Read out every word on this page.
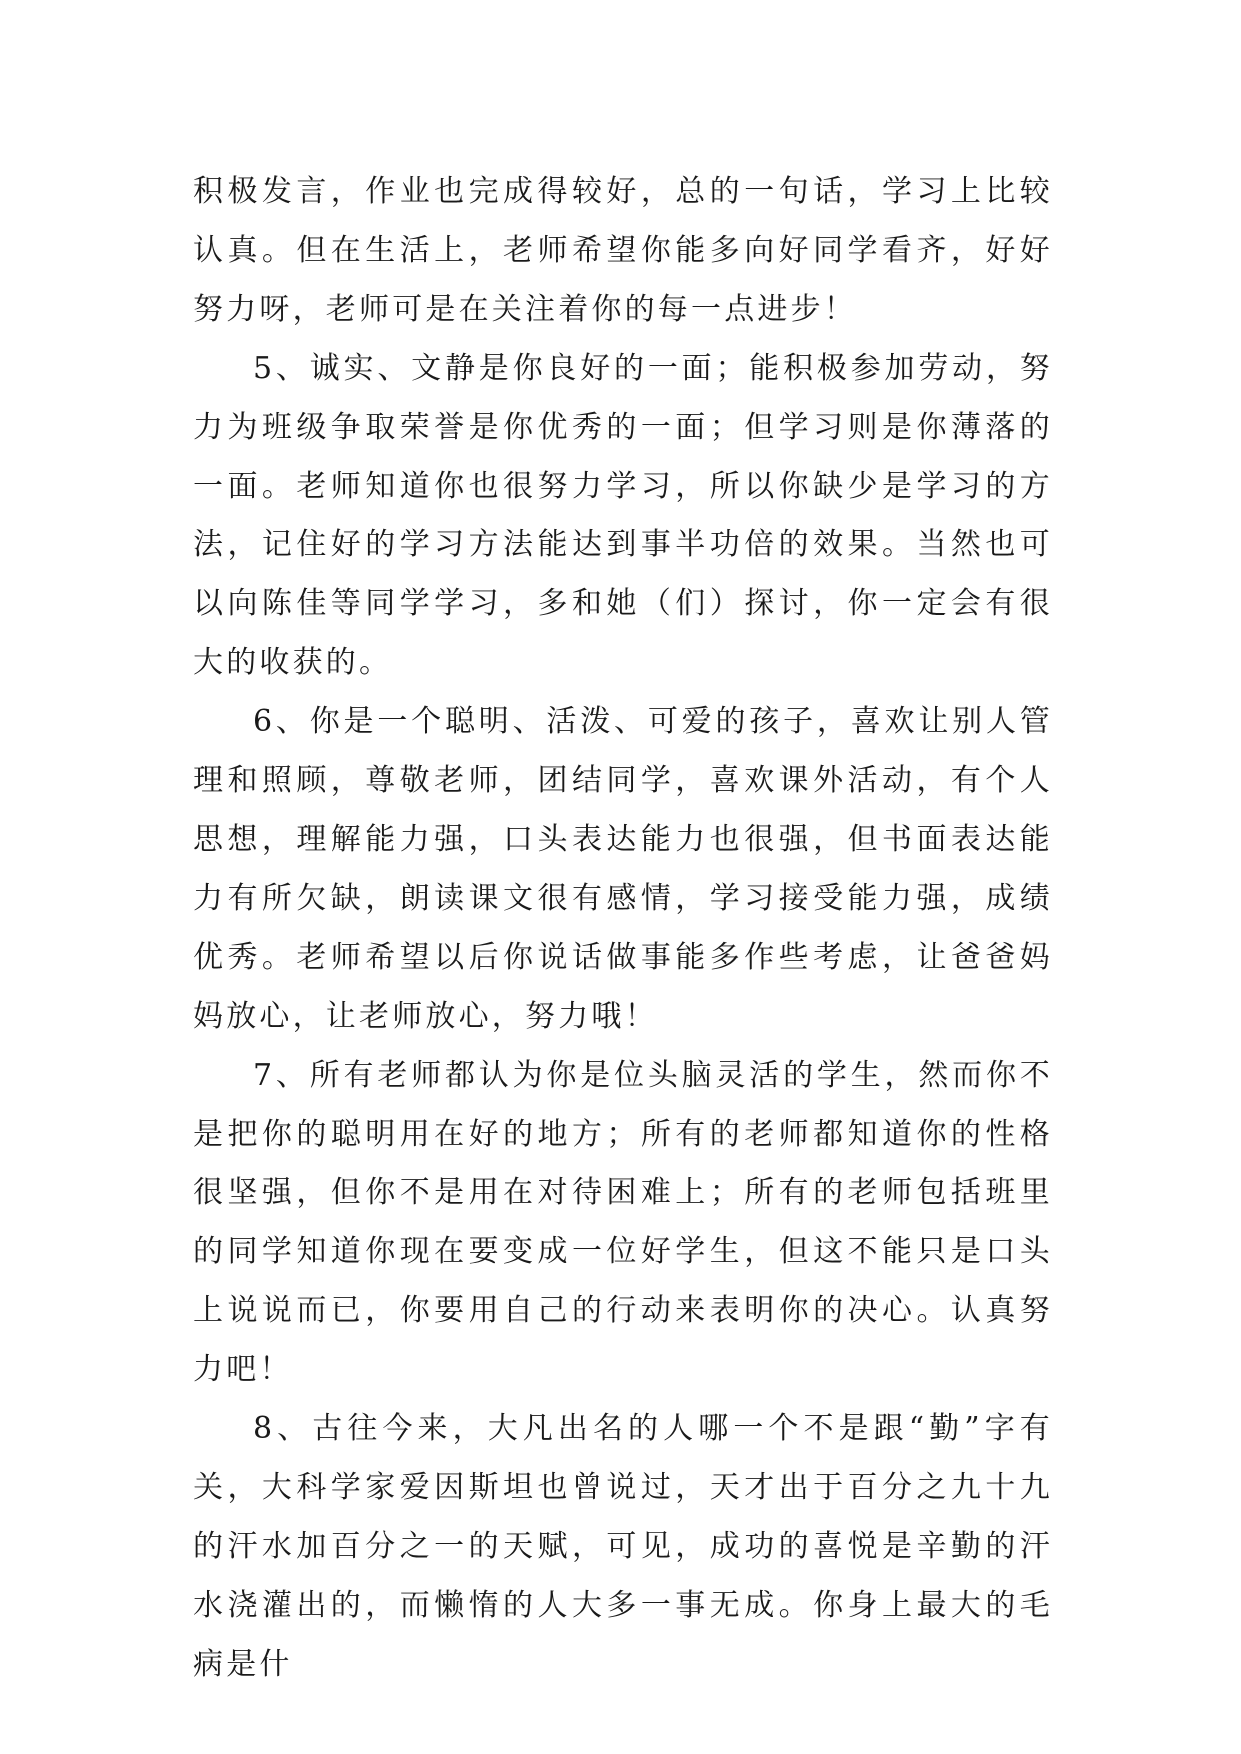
积极发言，作业也完成得较好，总的一句话，学习上比较认真。但在生活上，老师希望你能多向好同学看齐，好好努力呀，老师可是在关注着你的每一点进步！

5、诚实、文静是你良好的一面；能积极参加劳动，努力为班级争取荣誉是你优秀的一面；但学习则是你薄落的一面。老师知道你也很努力学习，所以你缺少是学习的方法，记住好的学习方法能达到事半功倍的效果。当然也可以向陈佳等同学学习，多和她（们）探讨，你一定会有很大的收获的。

6、你是一个聪明、活泼、可爱的孩子，喜欢让别人管理和照顾，尊敬老师，团结同学，喜欢课外活动，有个人思想，理解能力强，口头表达能力也很强，但书面表达能力有所欠缺，朗读课文很有感情，学习接受能力强，成绩优秀。老师希望以后你说话做事能多作些考虑，让爸爸妈妈放心，让老师放心，努力哦！

7、所有老师都认为你是位头脑灵活的学生，然而你不是把你的聪明用在好的地方；所有的老师都知道你的性格很坚强，但你不是用在对待困难上；所有的老师包括班里的同学知道你现在要变成一位好学生，但这不能只是口头上说说而已，你要用自己的行动来表明你的决心。认真努力吧！

8、古往今来，大凡出名的人哪一个不是跟“勤”字有关，大科学家爱因斯坦也曾说过，天才出于百分之九十九的汗水加百分之一的天赋，可见，成功的喜悦是辛勤的汗水浇灌出的，而懒惰的人大多一事无成。你身上最大的毛病是什
